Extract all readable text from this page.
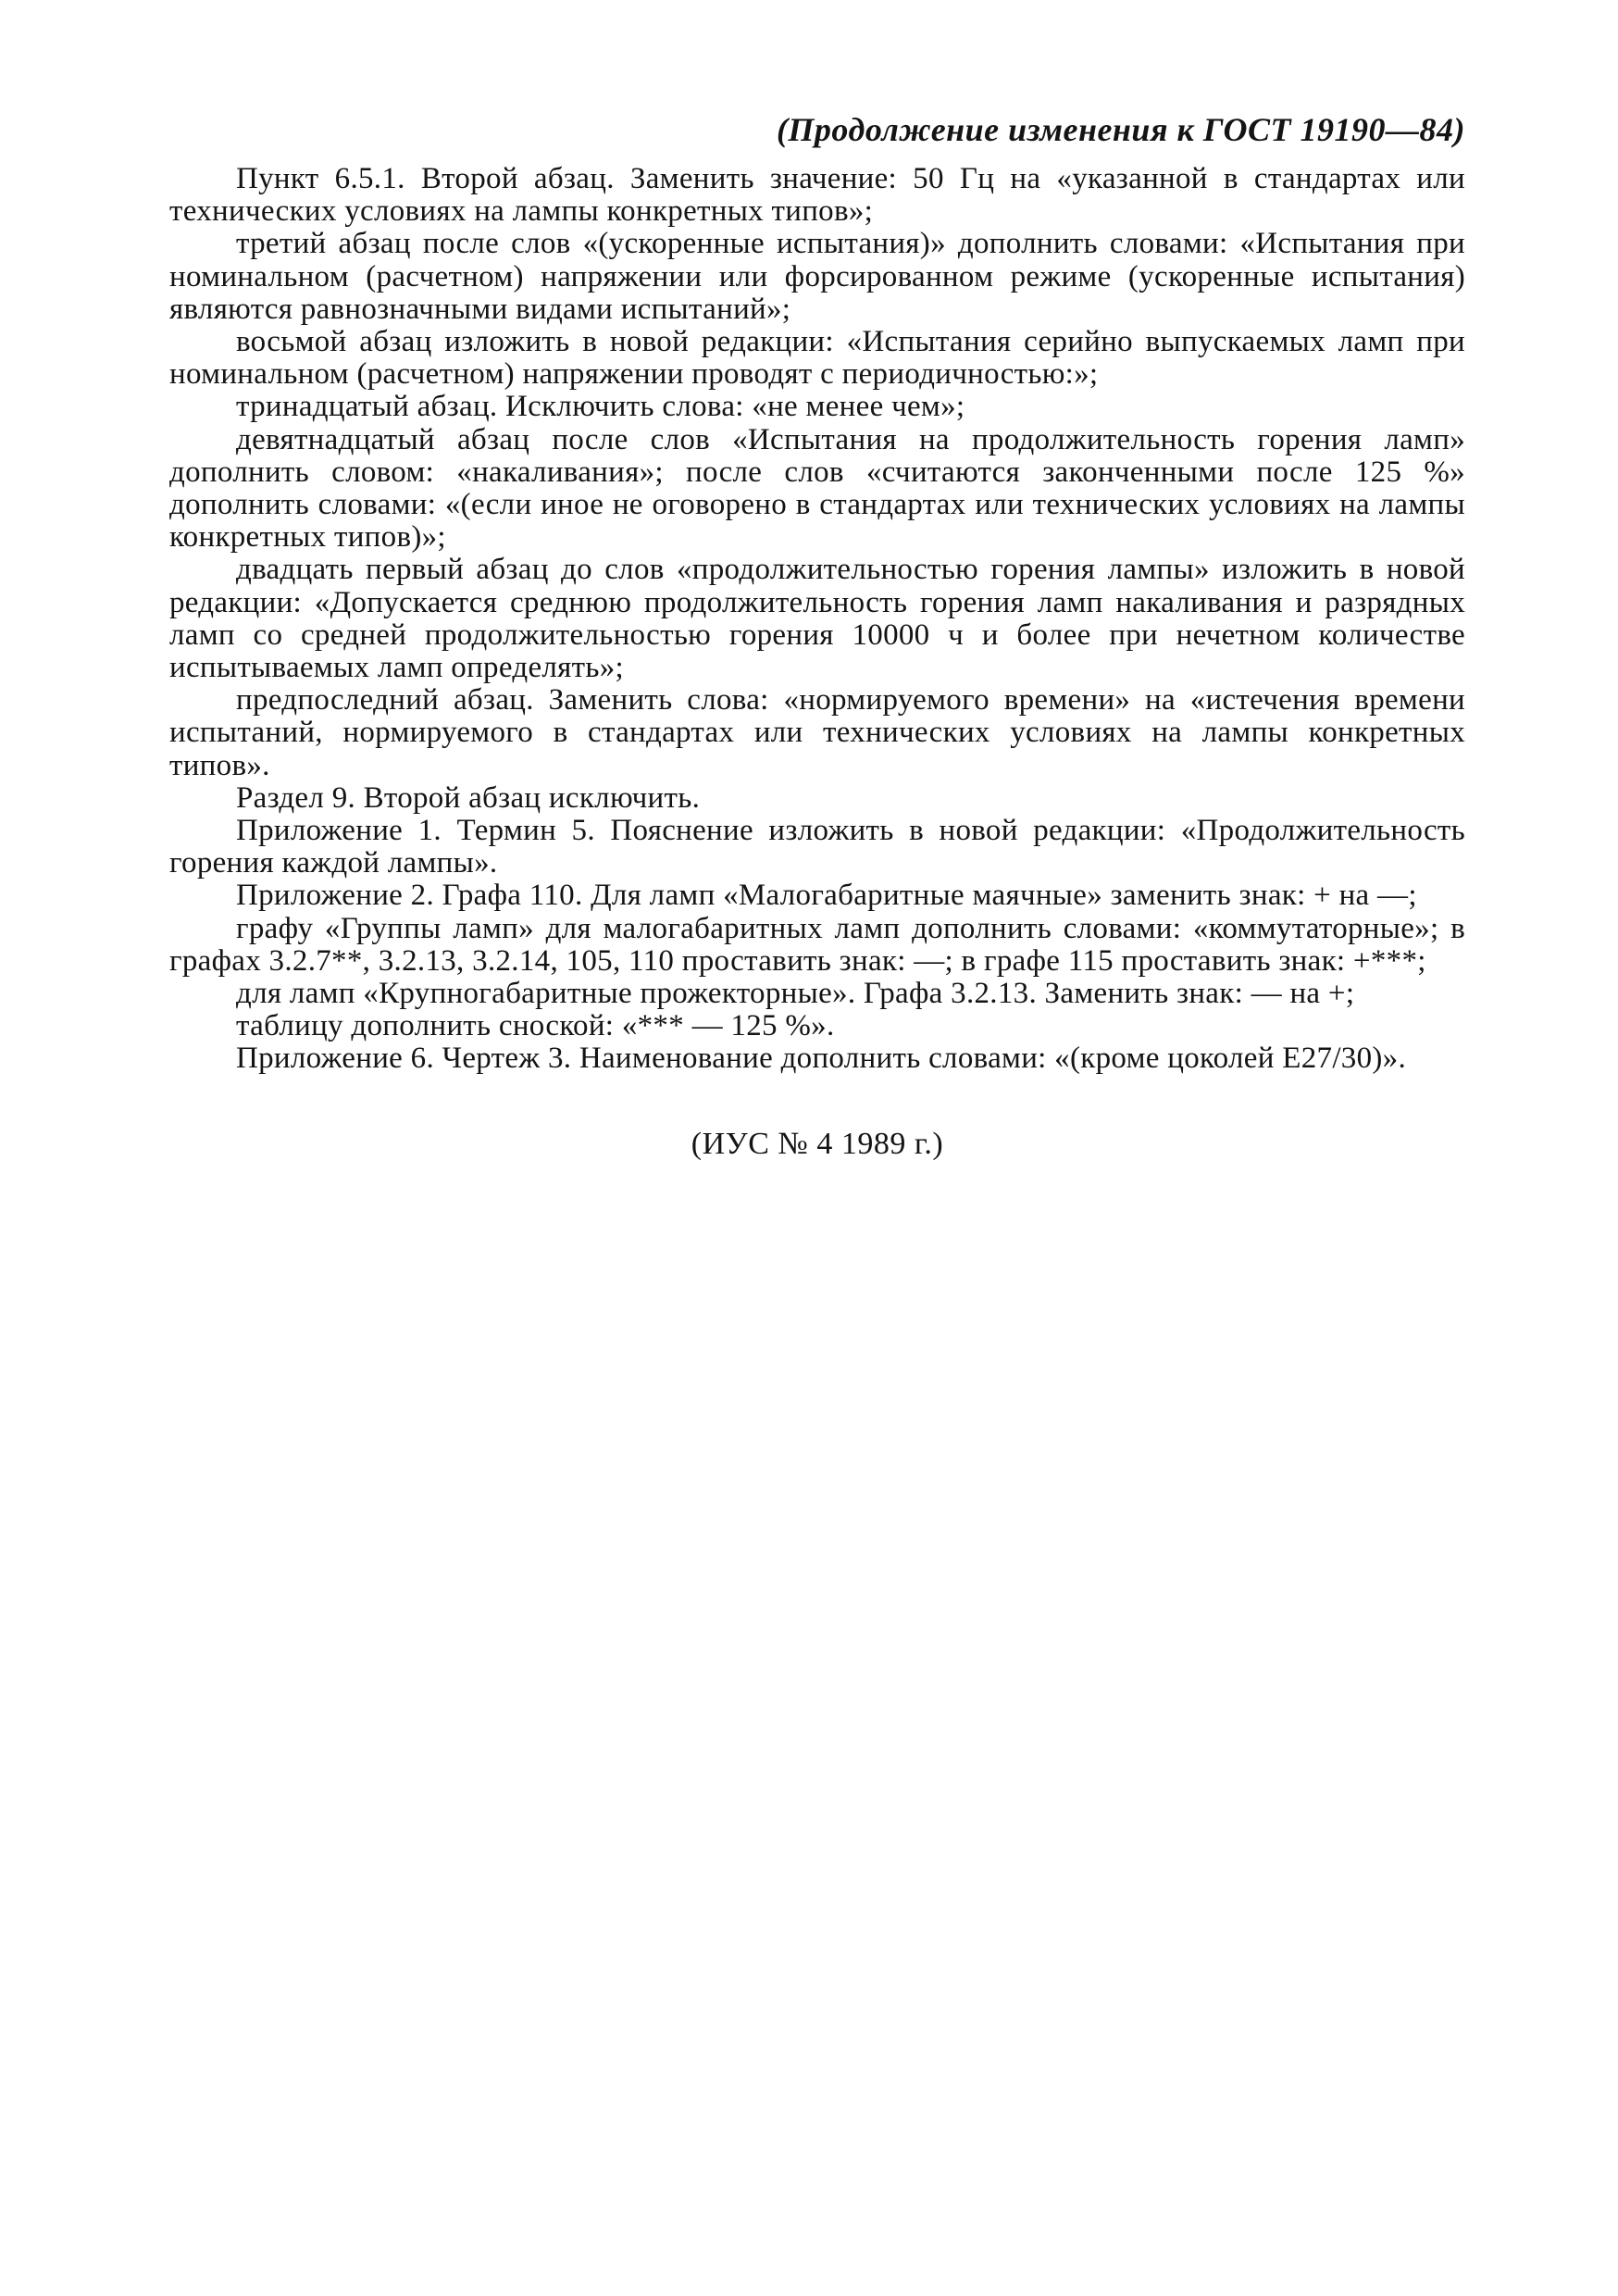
(Продолжение изменения к ГОСТ 19190—84)

Пункт 6.5.1. Второй абзац. Заменить значение: 50 Гц на «указанной в стандартах или технических условиях на лампы конкретных типов»;

третий абзац после слов «(ускоренные испытания)» дополнить словами: «Испытания при номинальном (расчетном) напряжении или форсированном режиме (ускоренные испытания) являются равнозначными видами испытаний»;

восьмой абзац изложить в новой редакции: «Испытания серийно выпускаемых ламп при номинальном (расчетном) напряжении проводят с периодичностью:»;

тринадцатый абзац. Исключить слова: «не менее чем»;

девятнадцатый абзац после слов «Испытания на продолжительность горения ламп» дополнить словом: «накаливания»; после слов «считаются законченными после 125 %» дополнить словами: «(если иное не оговорено в стандартах или технических условиях на лампы конкретных типов)»;

двадцать первый абзац до слов «продолжительностью горения лампы» изложить в новой редакции: «Допускается среднюю продолжительность горения ламп накаливания и разрядных ламп со средней продолжительностью горения 10000 ч и более при нечетном количестве испытываемых ламп определять»;

предпоследний абзац. Заменить слова: «нормируемого времени» на «истечения времени испытаний, нормируемого в стандартах или технических условиях на лампы конкретных типов».

Раздел 9. Второй абзац исключить.

Приложение 1. Термин 5. Пояснение изложить в новой редакции: «Продолжительность горения каждой лампы».

Приложение 2. Графа 110. Для ламп «Малогабаритные маячные» заменить знак: + на —;

графу «Группы ламп» для малогабаритных ламп дополнить словами: «коммутаторные»; в графах 3.2.7**, 3.2.13, 3.2.14, 105, 110 проставить знак: —; в графе 115 проставить знак: +***;

для ламп «Крупногабаритные прожекторные». Графа 3.2.13. Заменить знак: — на +;

таблицу дополнить сноской: «*** — 125 %».

Приложение 6. Чертеж 3. Наименование дополнить словами: «(кроме цоколей Е27/30)».

(ИУС № 4 1989 г.)
